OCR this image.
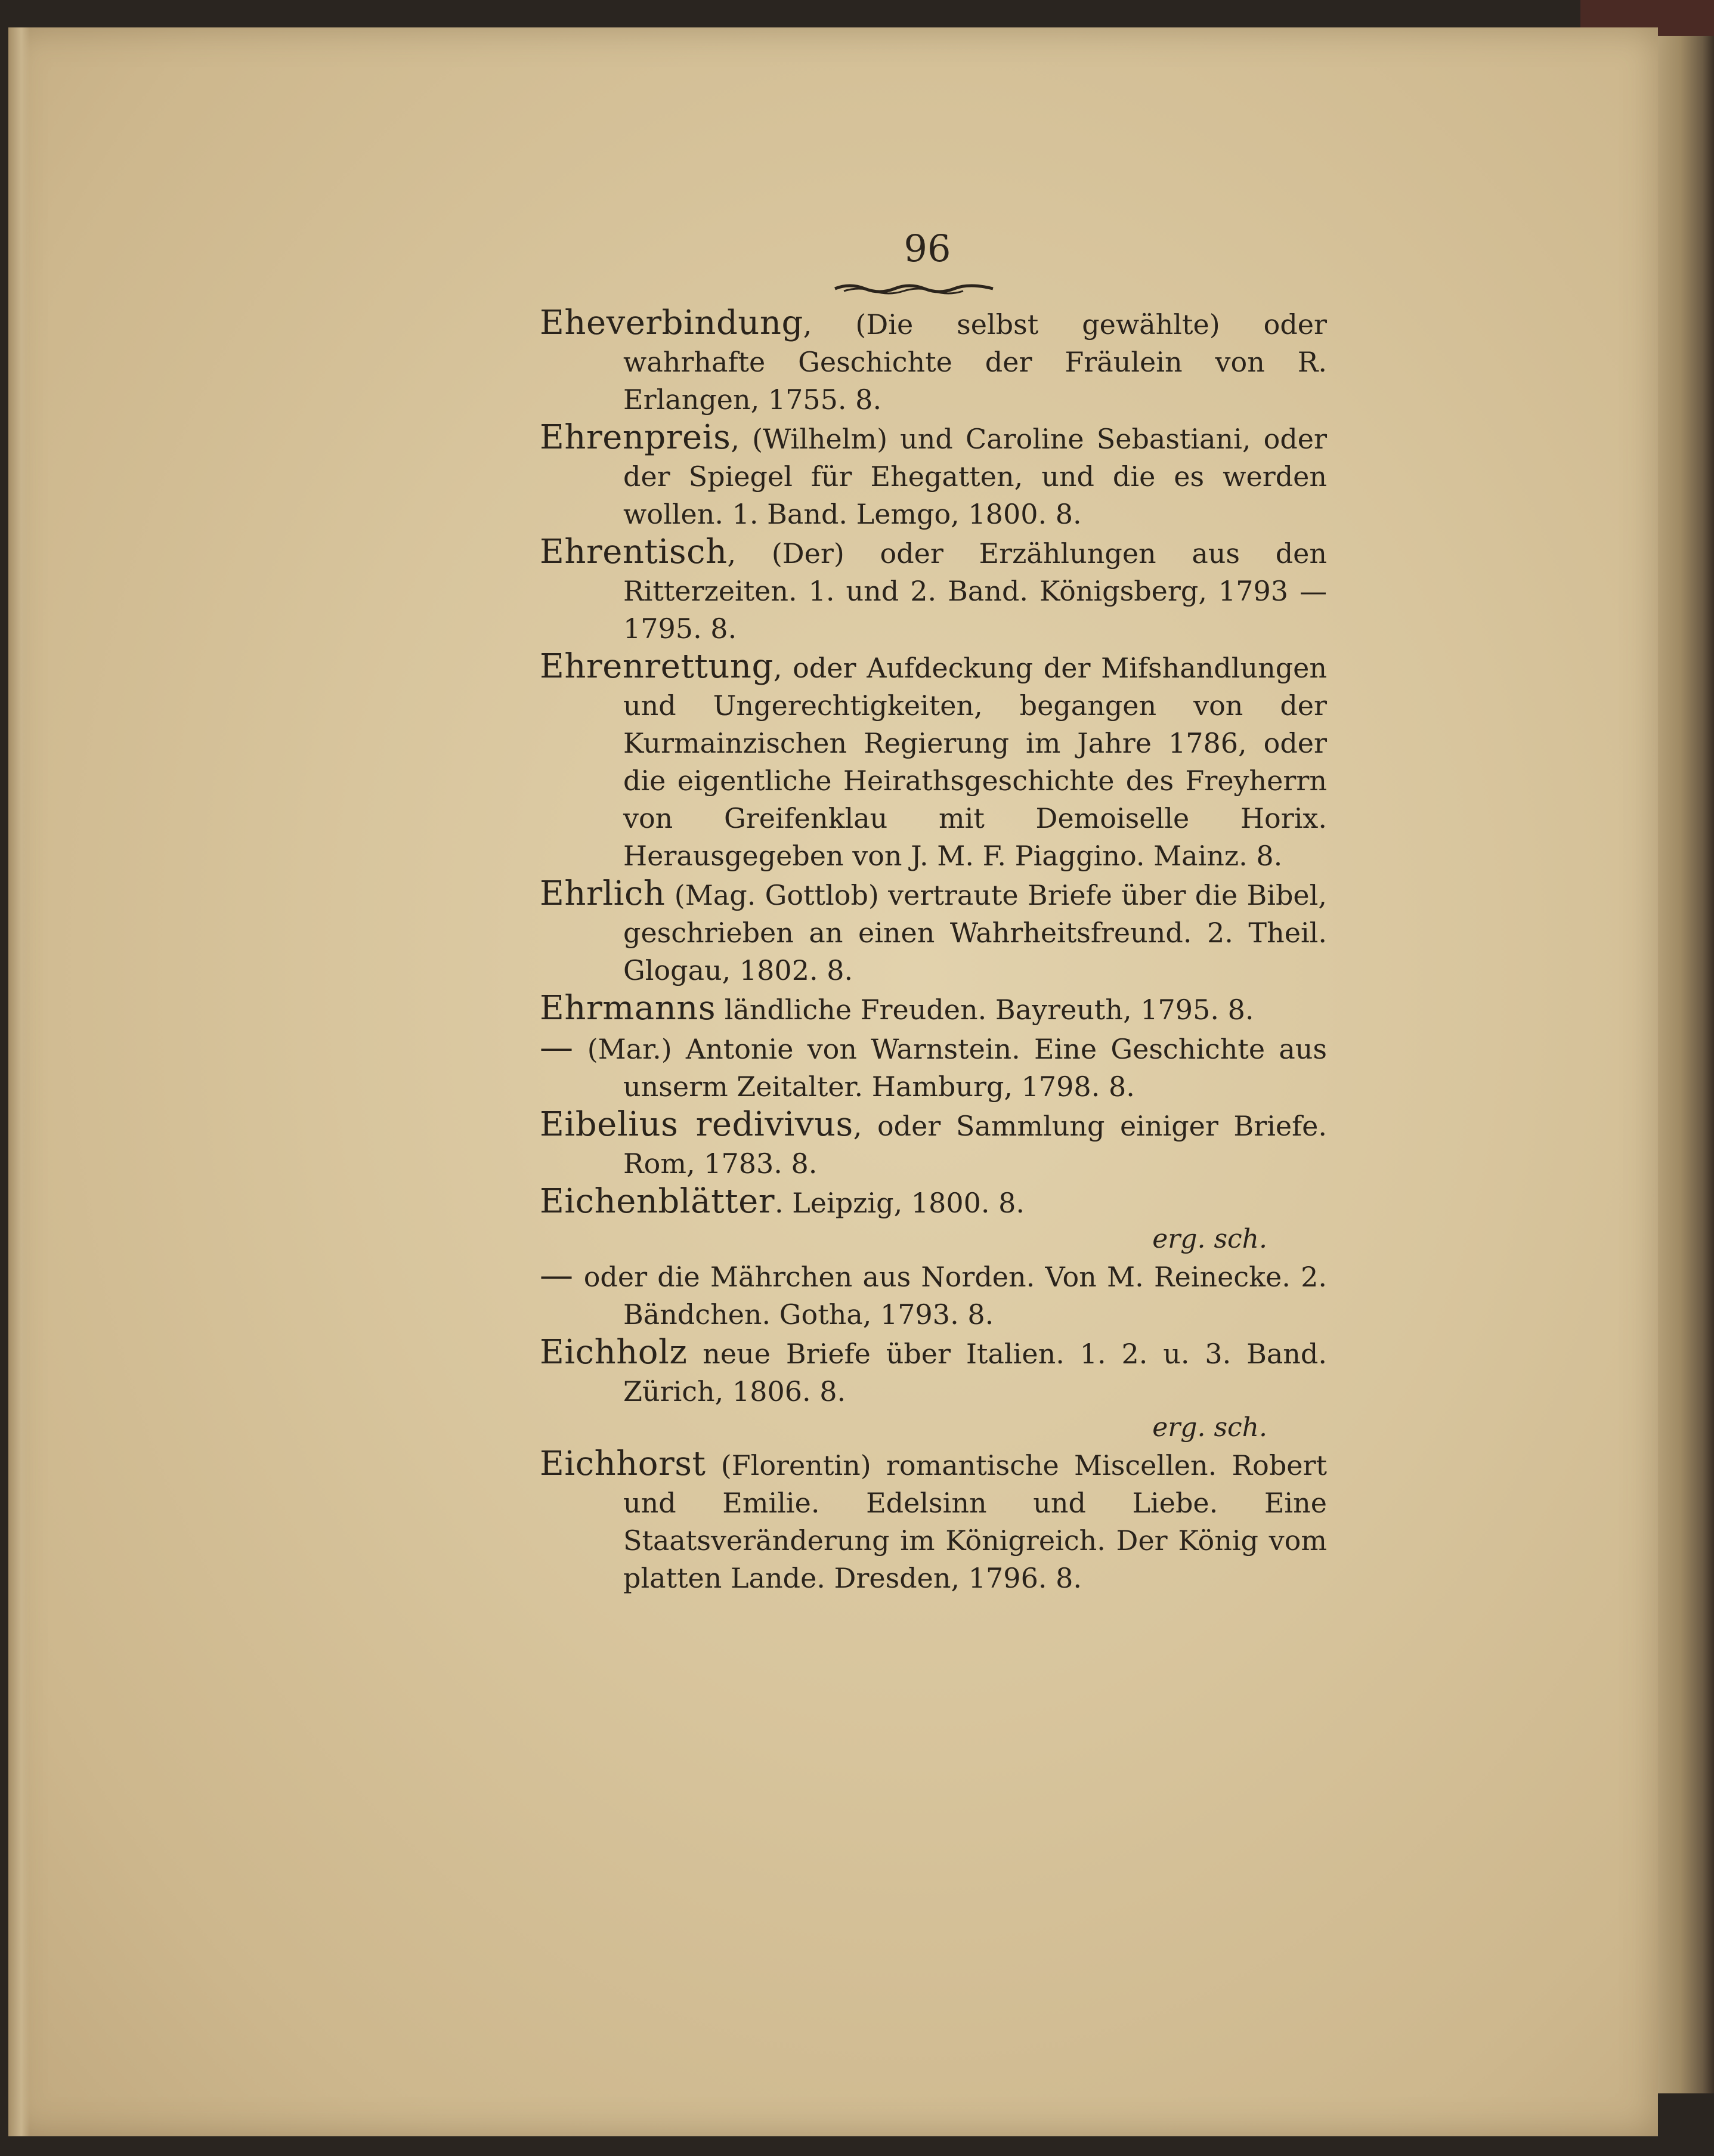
96

Eheverbindung, (Die selbst gewählte) oder wahrhafte Geschichte der Fräulein von R. Erlangen, 1755. 8.

Ehrenpreis, (Wilhelm) und Caroline Sebastiani, oder der Spiegel für Ehegatten, und die es werden wollen. 1. Band. Lemgo, 1800. 8.

Ehrentisch, (Der) oder Erzählungen aus den Ritterzeiten. 1. und 2. Band. Königsberg, 1793 — 1795. 8.

Ehrenrettung, oder Aufdeckung der Mifshandlungen und Ungerechtigkeiten, begangen von der Kurmainzischen Regierung im Jahre 1786, oder die eigentliche Heirathsgeschichte des Freyherrn von Greifenklau mit Demoiselle Horix. Herausgegeben von J. M. F. Piaggino. Mainz. 8.

Ehrlich (Mag. Gottlob) vertraute Briefe über die Bibel, geschrieben an einen Wahrheitsfreund. 2. Theil. Glogau, 1802. 8.

Ehrmanns ländliche Freuden. Bayreuth, 1795. 8.

— (Mar.) Antonie von Warnstein. Eine Geschichte aus unserm Zeitalter. Hamburg, 1798. 8.

Eibelius redivivus, oder Sammlung einiger Briefe. Rom, 1783. 8.

Eichenblätter. Leipzig, 1800. 8.

erg. sch.

— oder die Mährchen aus Norden. Von M. Reinecke. 2. Bändchen. Gotha, 1793. 8.

Eichholz neue Briefe über Italien. 1. 2. u. 3. Band. Zürich, 1806. 8.

erg. sch.

Eichhorst (Florentin) romantische Miscellen. Robert und Emilie. Edelsinn und Liebe. Eine Staatsveränderung im Königreich. Der König vom platten Lande. Dresden, 1796. 8.
